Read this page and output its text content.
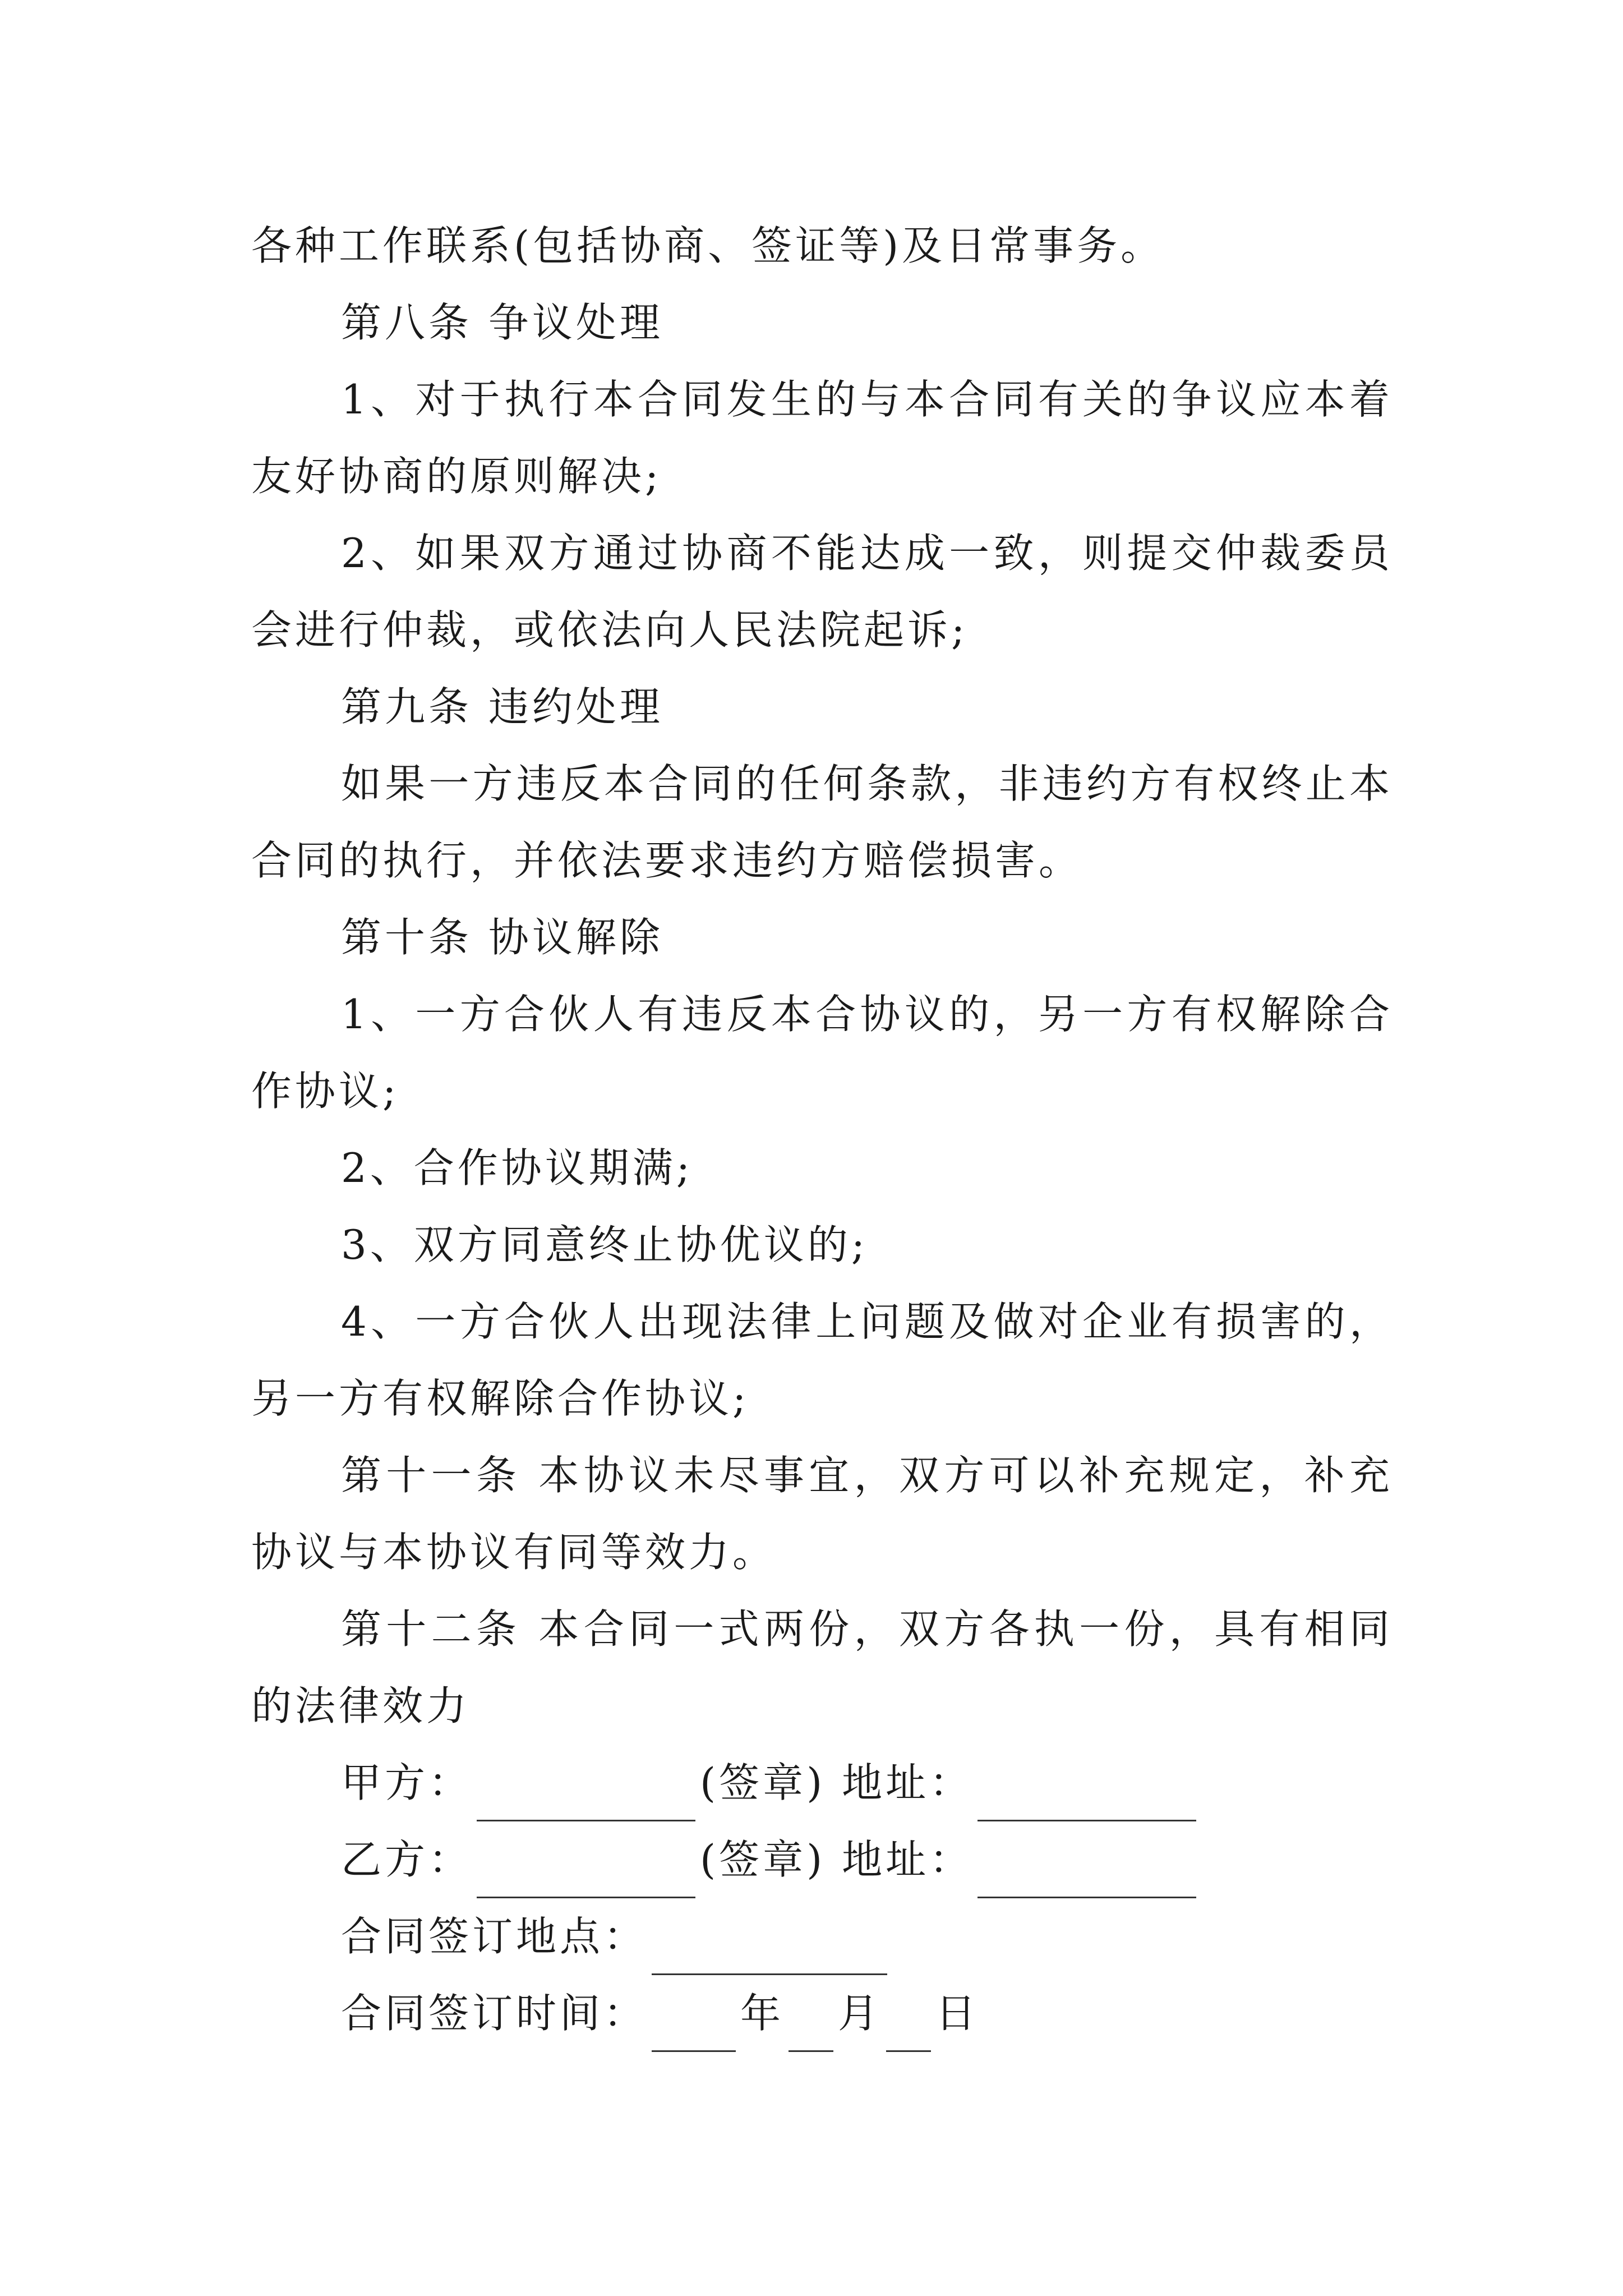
各种工作联系(包括协商、签证等)及日常事务。
第八条 争议处理
1、对于执行本合同发生的与本合同有关的争议应本着
友好协商的原则解决;
2、如果双方通过协商不能达成一致，则提交仲裁委员
会进行仲裁，或依法向人民法院起诉;
第九条 违约处理
如果一方违反本合同的任何条款，非违约方有权终止本
合同的执行，并依法要求违约方赔偿损害。
第十条 协议解除
1、一方合伙人有违反本合协议的，另一方有权解除合
作协议;
2、合作协议期满;
3、双方同意终止协优议的;
4、一方合伙人出现法律上问题及做对企业有损害的，
另一方有权解除合作协议;
第十一条 本协议未尽事宜，双方可以补充规定，补充
协议与本协议有同等效力。
第十二条 本合同一式两份，双方各执一份，具有相同
的法律效力
甲方：	(签章) 地址：
乙方：	(签章) 地址：
合同签订地点：
合同签订时间： 年 月 日
